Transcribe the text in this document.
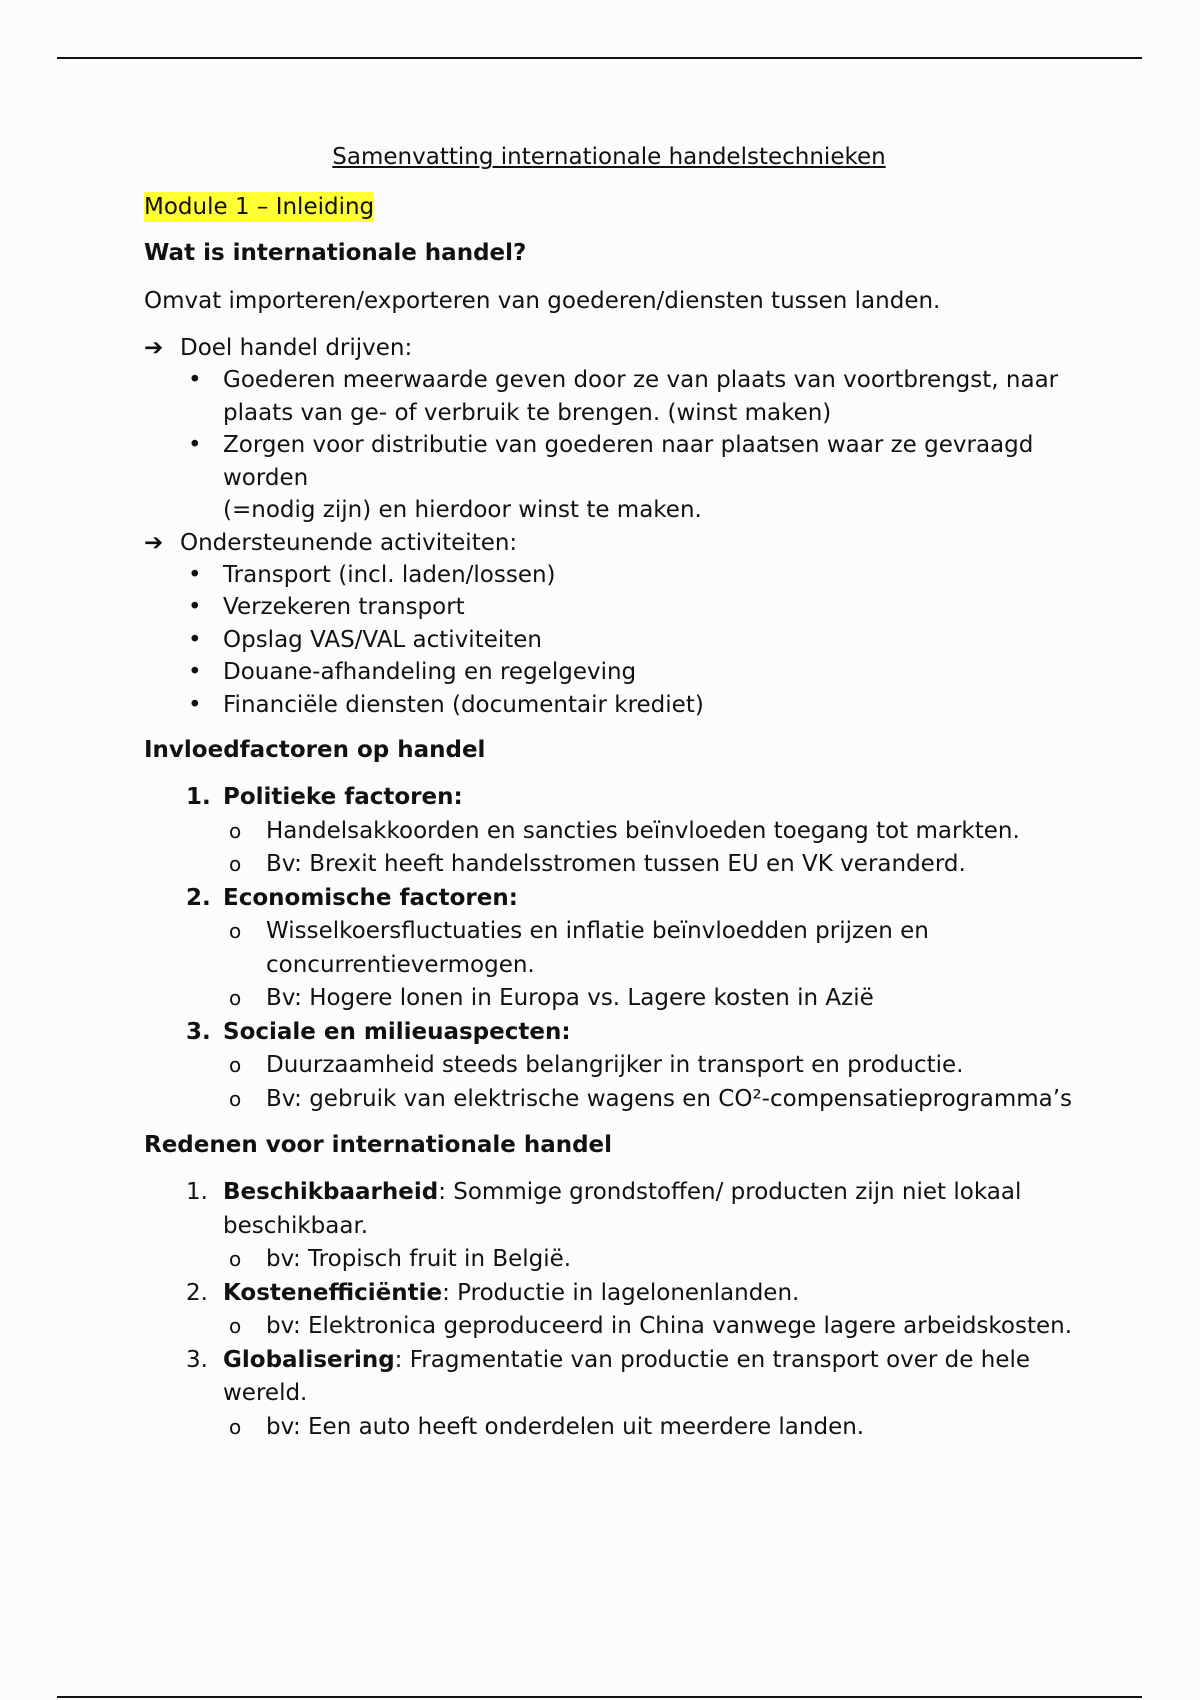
Samenvatting internationale handelstechnieken
Module 1 – Inleiding
Wat is internationale handel?

Omvat importeren/exporteren van goederen/diensten tussen landen.

➔ Doel handel drijven:
• Goederen meerwaarde geven door ze van plaats van voortbrengst, naar plaats van ge- of verbruik te brengen. (winst maken)
• Zorgen voor distributie van goederen naar plaatsen waar ze gevraagd worden
(=nodig zijn) en hierdoor winst te maken.
➔ Ondersteunende activiteiten:
• Transport (incl. laden/lossen)
• Verzekeren transport
• Opslag VAS/VAL activiteiten
• Douane-afhandeling en regelgeving
• Financiële diensten (documentair krediet)
Invloedfactoren op handel
1. Politieke factoren:
o Handelsakkoorden en sancties beïnvloeden toegang tot markten.
o Bv: Brexit heeft handelsstromen tussen EU en VK veranderd.
2. Economische factoren:
o Wisselkoersfluctuaties en inflatie beïnvloedden prijzen en concurrentievermogen.
o Bv: Hogere lonen in Europa vs. Lagere kosten in Azië
3. Sociale en milieuaspecten:
o Duurzaamheid steeds belangrijker in transport en productie.
o Bv: gebruik van elektrische wagens en CO²-compensatieprogramma’s
Redenen voor internationale handel
1. Beschikbaarheid: Sommige grondstoffen/ producten zijn niet lokaal beschikbaar.
o bv: Tropisch fruit in België.
2. Kostenefficiëntie: Productie in lagelonenlanden.
o bv: Elektronica geproduceerd in China vanwege lagere arbeidskosten.
3. Globalisering: Fragmentatie van productie en transport over de hele wereld.
o bv: Een auto heeft onderdelen uit meerdere landen.
